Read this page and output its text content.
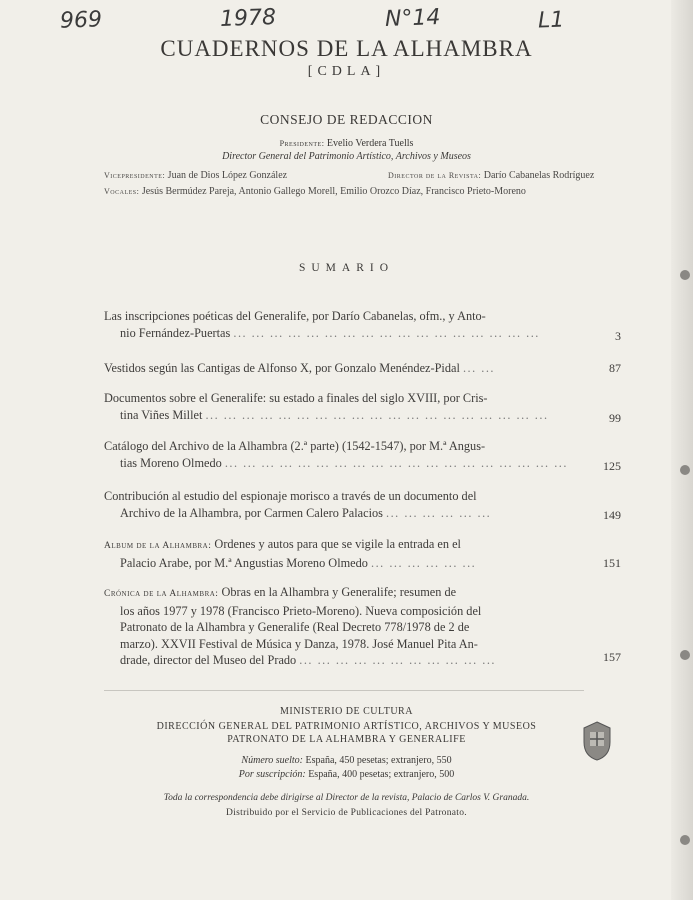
969	1978	N°14	L1
CUADERNOS DE LA ALHAMBRA
[CDLA]
CONSEJO DE REDACCION
Presidente: Evelio Verdera Tuells
Director General del Patrimonio Artístico, Archivos y Museos
Vicepresidente: Juan de Dios López González	Director de la Revista: Darío Cabanelas Rodríguez
Vocales: Jesús Bermúdez Pareja, Antonio Gallego Morell, Emilio Orozco Díaz, Francisco Prieto-Moreno
SUMARIO
Las inscripciones poéticas del Generalife, por Darío Cabanelas, ofm., y Anto-
nio Fernández-Puertas ... ... ... ... ... ... ... ... ... ... ... ... ... ... ... ... ...	3
Vestidos según las Cantigas de Alfonso X, por Gonzalo Menéndez-Pidal ... ...	87
Documentos sobre el Generalife: su estado a finales del siglo XVIII, por Cris-
tina Viñes Millet ... ... ... ... ... ... ... ... ... ... ... ... ... ... ... ... ... ... ...	99
Catálogo del Archivo de la Alhambra (2.ª parte) (1542-1547), por M.ª Angus-
tias Moreno Olmedo ... ... ... ... ... ... ... ... ... ... ... ... ... ... ... ... ... ... ...	125
Contribución al estudio del espionaje morisco a través de un documento del
Archivo de la Alhambra, por Carmen Calero Palacios ... ... ... ... ... ...	149
Album de la Alhambra: Ordenes y autos para que se vigile la entrada en el
Palacio Arabe, por M.ª Angustias Moreno Olmedo ... ... ... ... ... ...	151
Crónica de la Alhambra: Obras en la Alhambra y Generalife; resumen de
los años 1977 y 1978 (Francisco Prieto-Moreno). Nueva composición del
Patronato de la Alhambra y Generalife (Real Decreto 778/1978 de 2 de
marzo). XXVII Festival de Música y Danza, 1978. José Manuel Pita An-
drade, director del Museo del Prado ... ... ... ... ... ... ... ... ... ... ...	157
MINISTERIO DE CULTURA
DIRECCIÓN GENERAL DEL PATRIMONIO ARTÍSTICO, ARCHIVOS Y MUSEOS
PATRONATO DE LA ALHAMBRA Y GENERALIFE
Número suelto: España, 450 pesetas; extranjero, 550
Por suscripción: España, 400 pesetas; extranjero, 500
Toda la correspondencia debe dirigirse al Director de la revista, Palacio de Carlos V. Granada.
Distribuido por el Servicio de Publicaciones del Patronato.
